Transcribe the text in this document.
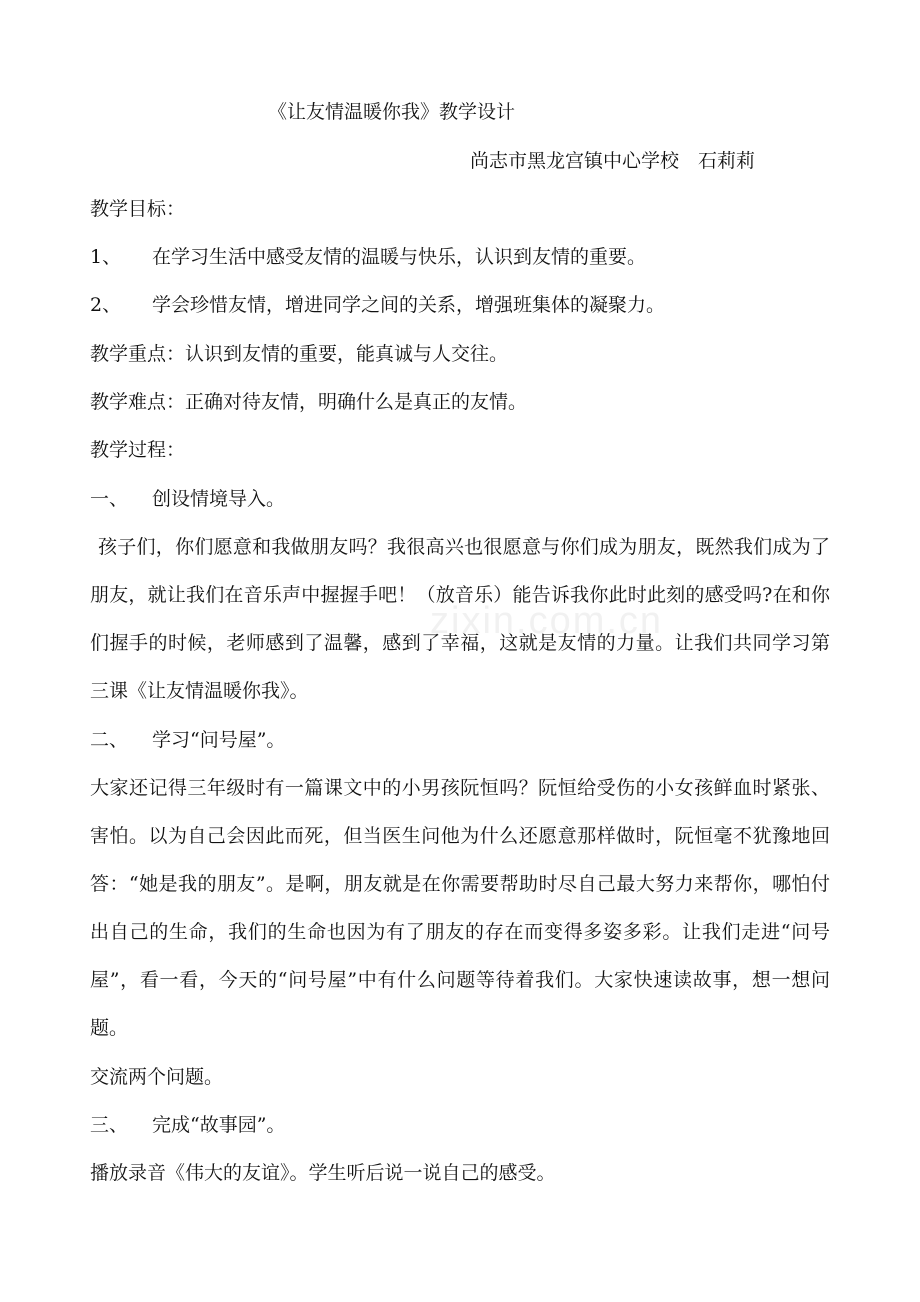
zixin.com.cn
《让友情温暖你我》教学设计
尚志市黑龙宫镇中心学校　石莉莉
教学目标：
1、 在学习生活中感受友情的温暖与快乐，认识到友情的重要。
2、 学会珍惜友情，增进同学之间的关系，增强班集体的凝聚力。
教学重点：认识到友情的重要，能真诚与人交往。
教学难点：正确对待友情，明确什么是真正的友情。
教学过程：
一、 创设情境导入。
孩子们，你们愿意和我做朋友吗？我很高兴也很愿意与你们成为朋友，既然我们成为了朋友，就让我们在音乐声中握握手吧！（放音乐）能告诉我你此时此刻的感受吗?在和你们握手的时候，老师感到了温馨，感到了幸福，这就是友情的力量。让我们共同学习第三课《让友情温暖你我》。
二、 学习“问号屋”。
大家还记得三年级时有一篇课文中的小男孩阮恒吗？阮恒给受伤的小女孩鲜血时紧张、害怕。以为自己会因此而死，但当医生问他为什么还愿意那样做时，阮恒毫不犹豫地回答：“她是我的朋友”。是啊，朋友就是在你需要帮助时尽自己最大努力来帮你，哪怕付出自己的生命，我们的生命也因为有了朋友的存在而变得多姿多彩。让我们走进“问号屋”，看一看，今天的“问号屋”中有什么问题等待着我们。大家快速读故事，想一想问题。
交流两个问题。
三、 完成“故事园”。
播放录音《伟大的友谊》。学生听后说一说自己的感受。
